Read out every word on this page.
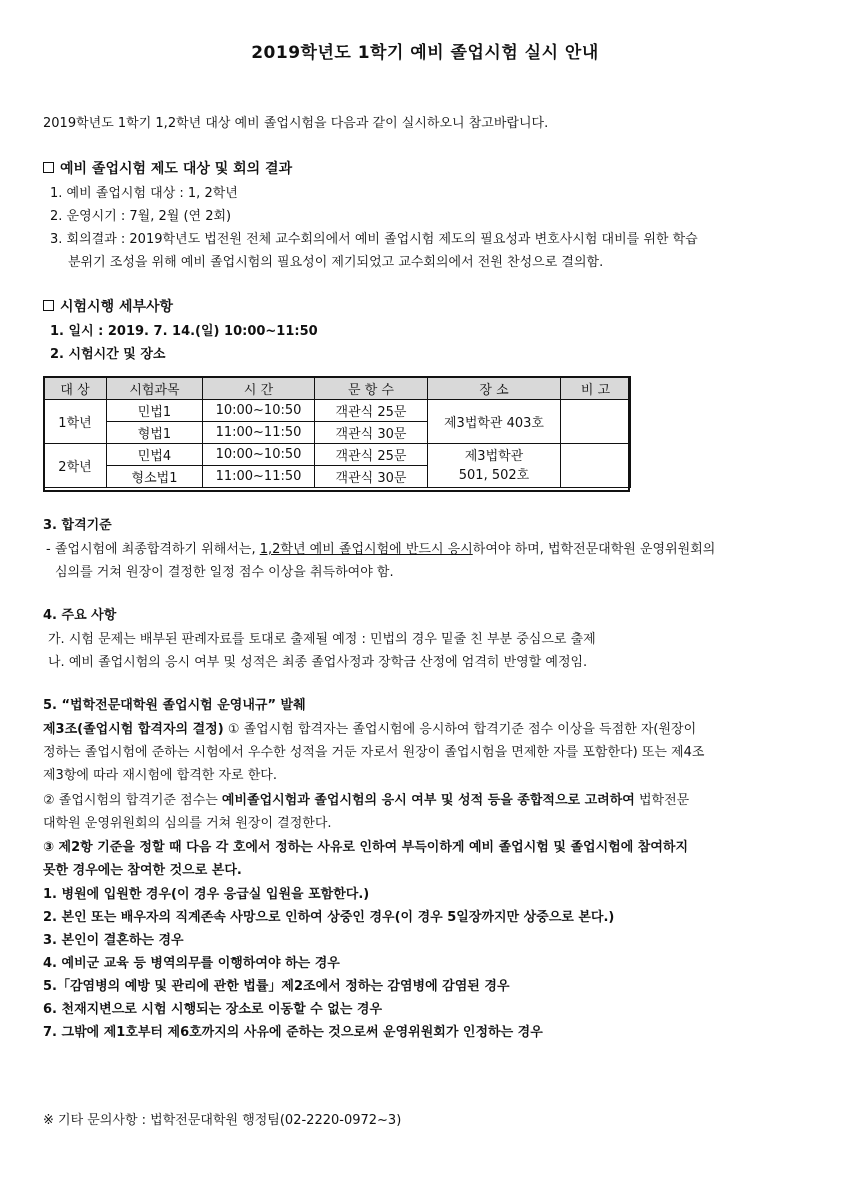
2019학년도 1학기 예비 졸업시험 실시 안내
2019학년도 1학기 1,2학년 대상 예비 졸업시험을 다음과 같이 실시하오니 참고바랍니다.
예비 졸업시험 제도 대상 및 회의 결과
1. 예비 졸업시험 대상 : 1, 2학년
2. 운영시기 : 7월, 2월 (연 2회)
3. 회의결과 : 2019학년도 법전원 전체 교수회의에서 예비 졸업시험 제도의 필요성과 변호사시험 대비를 위한 학습
분위기 조성을 위해 예비 졸업시험의 필요성이 제기되었고 교수회의에서 전원 찬성으로 결의함.
시험시행 세부사항
1. 일시 : 2019. 7. 14.(일) 10:00~11:50
2. 시험시간 및 장소
대 상	시험과목	시 간	문 항 수	장 소	비 고
1학년	민법1	10:00~10:50	객관식 25문	제3법학관 403호	
	형법1	11:00~11:50	객관식 30문		
2학년	민법4	10:00~10:50	객관식 25문	제3법학관
501, 502호	
	형소법1	11:00~11:50	객관식 30문		
3. 합격기준
- 졸업시험에 최종합격하기 위해서는, 1,2학년 예비 졸업시험에 반드시 응시하여야 하며, 법학전문대학원 운영위원회의
심의를 거쳐 원장이 결정한 일정 점수 이상을 취득하여야 함.
4. 주요 사항
가. 시험 문제는 배부된 판례자료를 토대로 출제될 예정 : 민법의 경우 밑줄 친 부분 중심으로 출제
나. 예비 졸업시험의 응시 여부 및 성적은 최종 졸업사정과 장학금 산정에 엄격히 반영할 예정임.
5. “법학전문대학원 졸업시험 운영내규” 발췌
제3조(졸업시험 합격자의 결정) ① 졸업시험 합격자는 졸업시험에 응시하여 합격기준 점수 이상을 득점한 자(원장이
정하는 졸업시험에 준하는 시험에서 우수한 성적을 거둔 자로서 원장이 졸업시험을 면제한 자를 포함한다) 또는 제4조
제3항에 따라 재시험에 합격한 자로 한다.
② 졸업시험의 합격기준 점수는 예비졸업시험과 졸업시험의 응시 여부 및 성적 등을 종합적으로 고려하여 법학전문
대학원 운영위원회의 심의를 거쳐 원장이 결정한다.
③ 제2항 기준을 정할 때 다음 각 호에서 정하는 사유로 인하여 부득이하게 예비 졸업시험 및 졸업시험에 참여하지
못한 경우에는 참여한 것으로 본다.
1. 병원에 입원한 경우(이 경우 응급실 입원을 포함한다.)
2. 본인 또는 배우자의 직계존속 사망으로 인하여 상중인 경우(이 경우 5일장까지만 상중으로 본다.)
3. 본인이 결혼하는 경우
4. 예비군 교육 등 병역의무를 이행하여야 하는 경우
5.「감염병의 예방 및 관리에 관한 법률」제2조에서 정하는 감염병에 감염된 경우
6. 천재지변으로 시험 시행되는 장소로 이동할 수 없는 경우
7. 그밖에 제1호부터 제6호까지의 사유에 준하는 것으로써 운영위원회가 인정하는 경우
※ 기타 문의사항 : 법학전문대학원 행정팀(02-2220-0972~3)
